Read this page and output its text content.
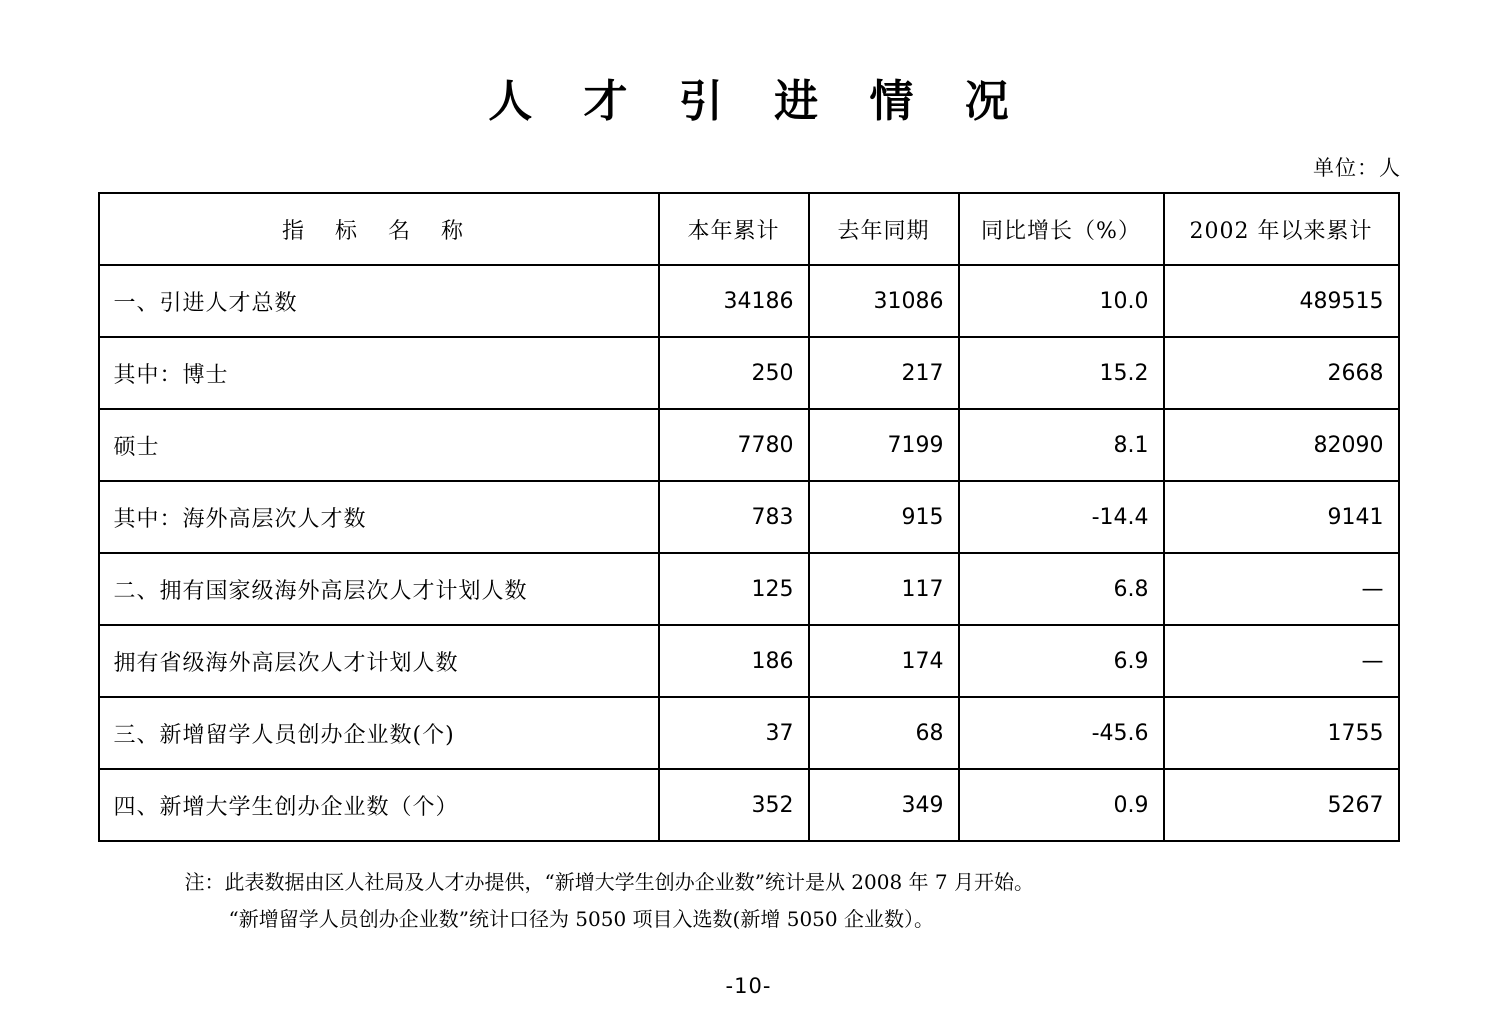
人 才 引 进 情 况
单位：人
指 标 名 称	本年累计	去年同期	同比增长（%）	2002 年以来累计
一、引进人才总数	34186	31086	10.0	489515
其中：博士	250	217	15.2	2668
硕士	7780	7199	8.1	82090
其中：海外高层次人才数	783	915	-14.4	9141
二、拥有国家级海外高层次人才计划人数	125	117	6.8	—
拥有省级海外高层次人才计划人数	186	174	6.9	—
三、新增留学人员创办企业数(个)	37	68	-45.6	1755
四、新增大学生创办企业数（个）	352	349	0.9	5267
注：此表数据由区人社局及人才办提供，“新增大学生创办企业数”统计是从 2008 年 7 月开始。
“新增留学人员创办企业数”统计口径为 5050 项目入选数(新增 5050 企业数）。
-10-
